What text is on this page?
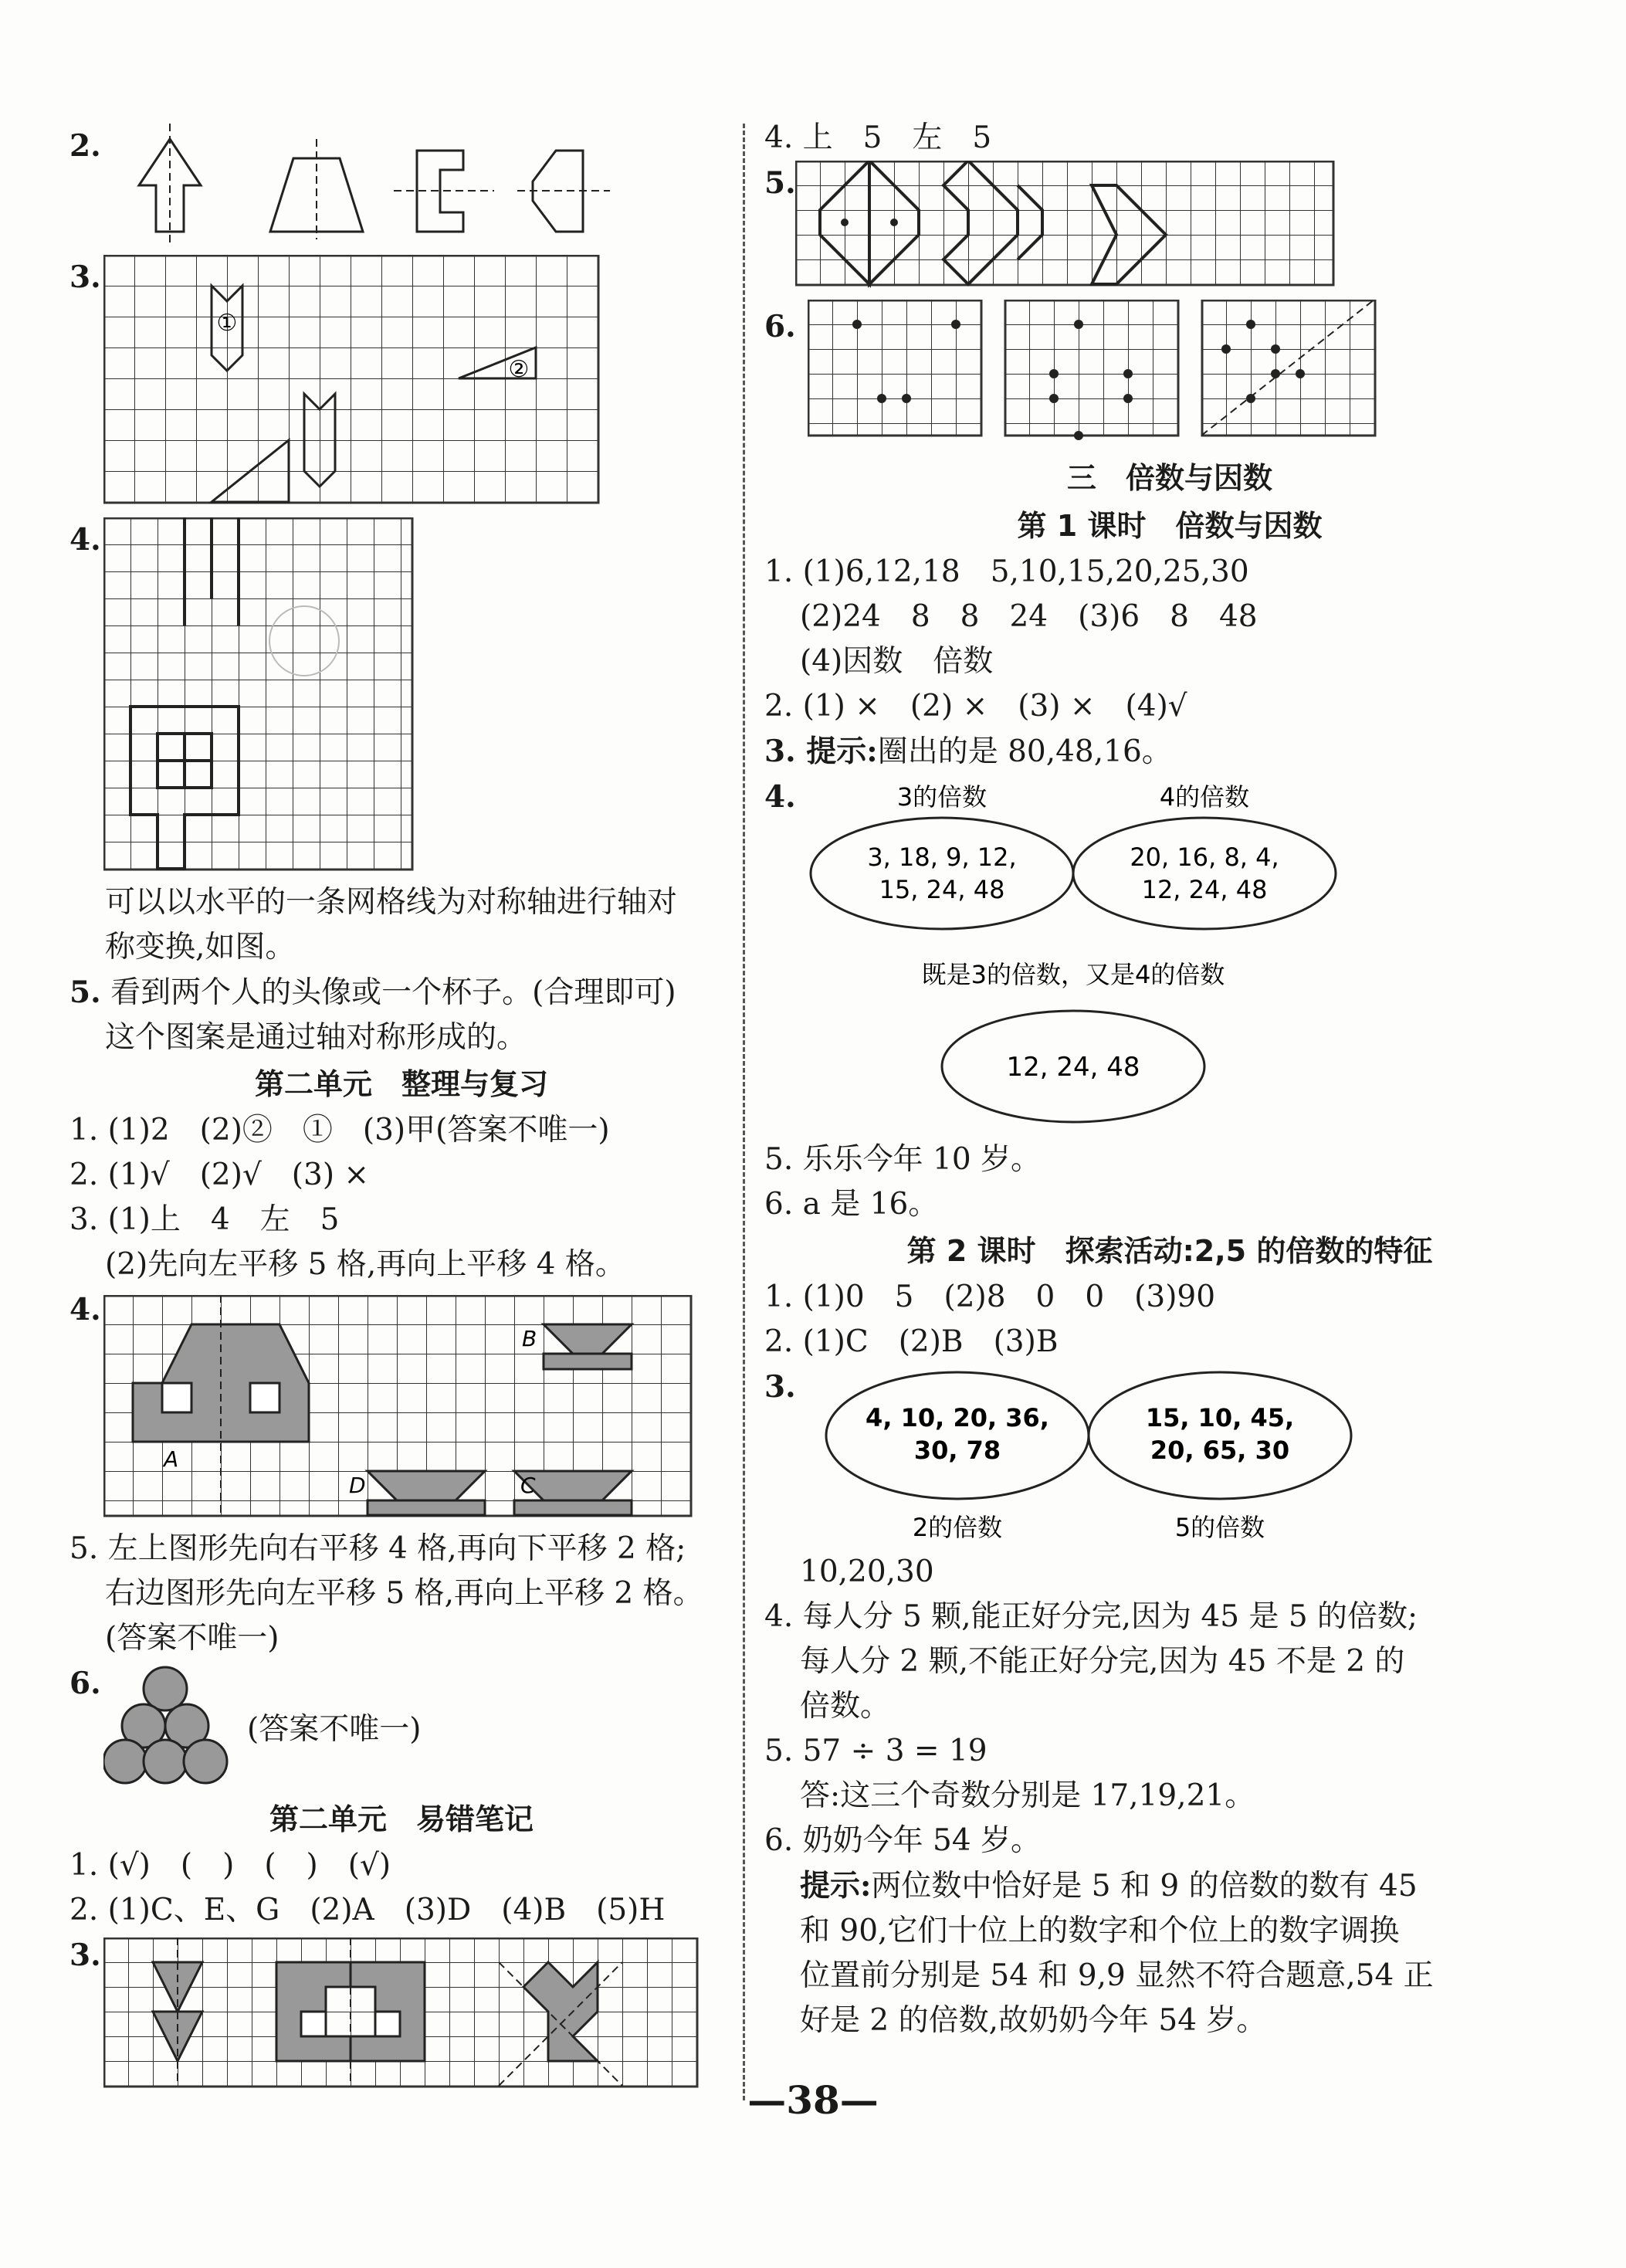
2.
3.
①
②
4.
可以以水平的一条网格线为对称轴进行轴对
称变换,如图。
5. 看到两个人的头像或一个杯子。(合理即可)
这个图案是通过轴对称形成的。
第二单元　整理与复习
1. (1)2　(2)②　①　(3)甲(答案不唯一)
2. (1)√　(2)√　(3) ×
3. (1)上　4　左　5
(2)先向左平移 5 格,再向上平移 4 格。
4.
A
B
C
D
5. 左上图形先向右平移 4 格,再向下平移 2 格;
右边图形先向左平移 5 格,再向上平移 2 格。
(答案不唯一)
6.
(答案不唯一)
第二单元　易错笔记
1. (√)　(　)　(　)　(√)
2. (1)C、E、G　(2)A　(3)D　(4)B　(5)H
3.
4. 上　5　左　5
5.
6.
三　倍数与因数
第 1 课时　倍数与因数
1. (1)6,12,18　5,10,15,20,25,30
(2)24　8　8　24　(3)6　8　48
(4)因数　倍数
2. (1) ×　(2) ×　(3) ×　(4)√
3. 提示:圈出的是 80,48,16。
4.	3的倍数	4的倍数
3, 18, 9, 12,
15, 24, 48
20, 16, 8, 4,
12, 24, 48
既是3的倍数，又是4的倍数
12, 24, 48
5. 乐乐今年 10 岁。
6. a 是 16。
第 2 课时　探索活动:2,5 的倍数的特征
1. (1)0　5　(2)8　0　0　(3)90
2. (1)C　(2)B　(3)B
3.
4, 10, 20, 36,
30, 78
15, 10, 45,
20, 65, 30
2的倍数	5的倍数
10,20,30
4. 每人分 5 颗,能正好分完,因为 45 是 5 的倍数;
每人分 2 颗,不能正好分完,因为 45 不是 2 的
倍数。
5. 57 ÷ 3 = 19
答:这三个奇数分别是 17,19,21。
6. 奶奶今年 54 岁。
提示:两位数中恰好是 5 和 9 的倍数的数有 45
和 90,它们十位上的数字和个位上的数字调换
位置前分别是 54 和 9,9 显然不符合题意,54 正
好是 2 的倍数,故奶奶今年 54 岁。
—38—
